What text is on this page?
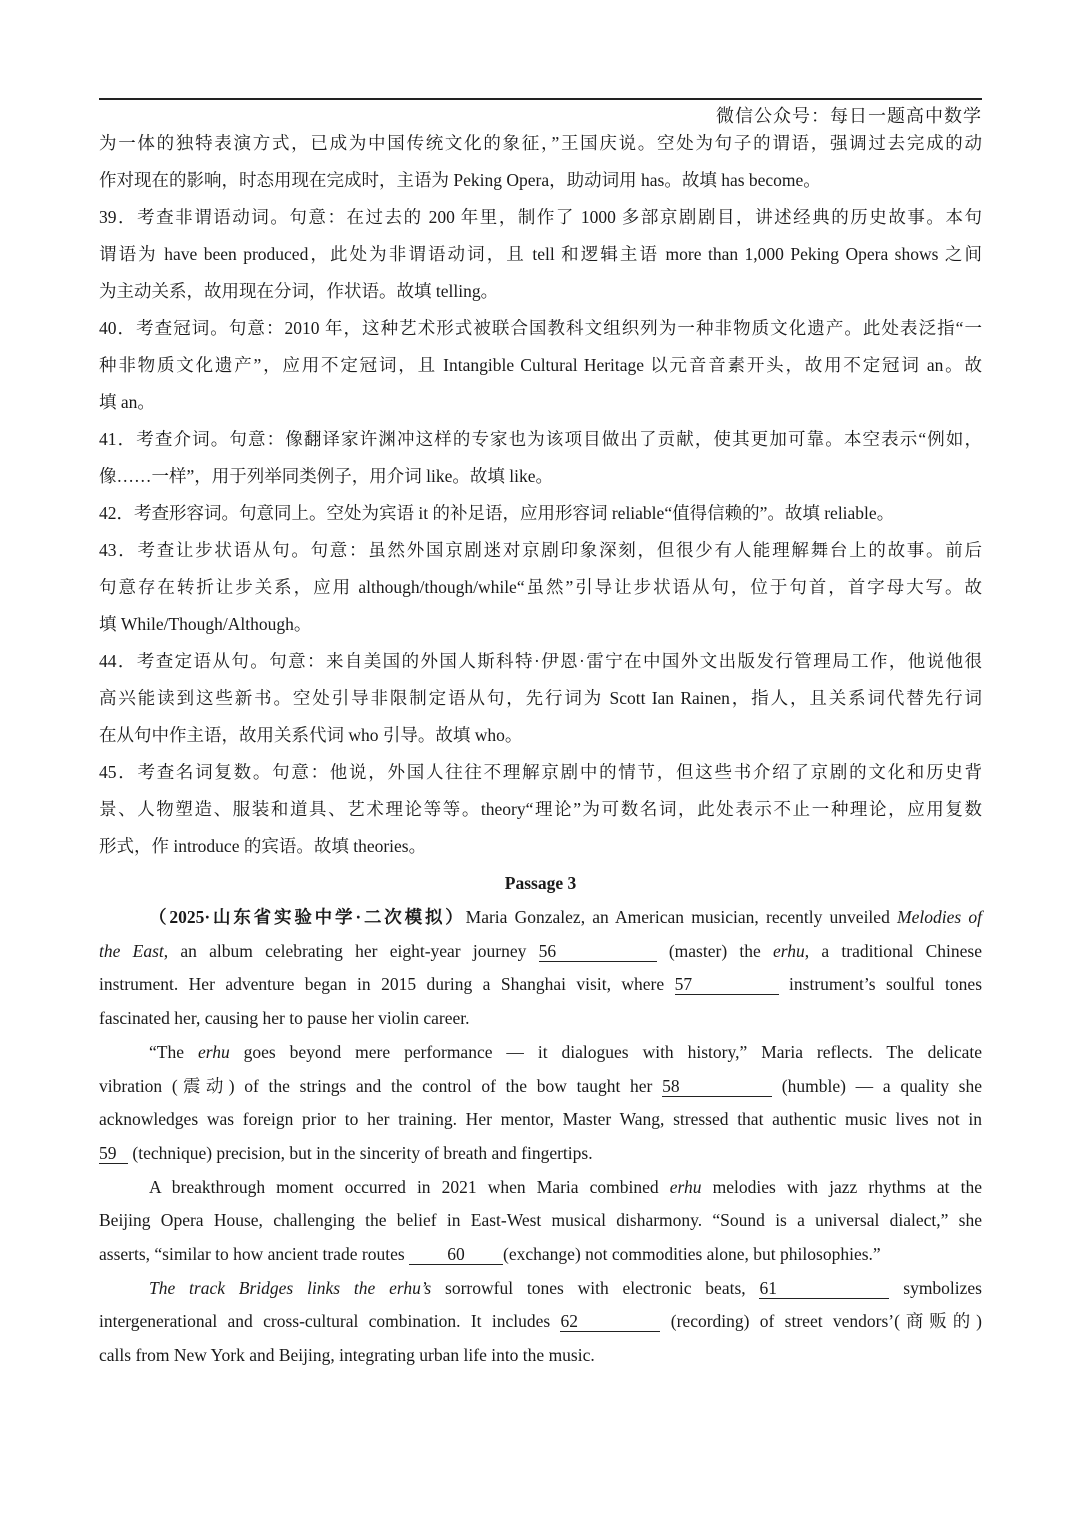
微信公众号：每日一题高中数学
为一体的独特表演方式，已成为中国传统文化的象征，”王国庆说。空处为句子的谓语，强调过去完成的动
作对现在的影响，时态用现在完成时，主语为 Peking Opera，助动词用 has。故填 has become。
39．考查非谓语动词。句意：在过去的 200 年里，制作了 1000 多部京剧剧目，讲述经典的历史故事。本句
谓语为 have been produced，此处为非谓语动词，且 tell 和逻辑主语 more than 1,000 Peking Opera shows 之间
为主动关系，故用现在分词，作状语。故填 telling。
40．考查冠词。句意：2010 年，这种艺术形式被联合国教科文组织列为一种非物质文化遗产。此处表泛指“一
种非物质文化遗产”，应用不定冠词，且 Intangible Cultural Heritage 以元音音素开头，故用不定冠词 an。故
填 an。
41．考查介词。句意：像翻译家许渊冲这样的专家也为该项目做出了贡献，使其更加可靠。本空表示“例如，
像……一样”，用于列举同类例子，用介词 like。故填 like。
42．考查形容词。句意同上。空处为宾语 it 的补足语，应用形容词 reliable“值得信赖的”。故填 reliable。
43．考查让步状语从句。句意：虽然外国京剧迷对京剧印象深刻，但很少有人能理解舞台上的故事。前后
句意存在转折让步关系，应用 although/though/while“虽然”引导让步状语从句，位于句首，首字母大写。故
填 While/Though/Although。
44．考查定语从句。句意：来自美国的外国人斯科特·伊恩·雷宁在中国外文出版发行管理局工作，他说他很
高兴能读到这些新书。空处引导非限制定语从句，先行词为 Scott Ian Rainen，指人，且关系词代替先行词
在从句中作主语，故用关系代词 who 引导。故填 who。
45．考查名词复数。句意：他说，外国人往往不理解京剧中的情节，但这些书介绍了京剧的文化和历史背
景、人物塑造、服装和道具、艺术理论等等。theory“理论”为可数名词，此处表示不止一种理论，应用复数
形式，作 introduce 的宾语。故填 theories。
Passage 3
（2025·山东省实验中学·二次模拟）Maria Gonzalez, an American musician, recently unveiled Melodies of
the East, an album celebrating her eight-year journey 56	(master) the erhu, a traditional Chinese
instrument. Her adventure began in 2015 during a Shanghai visit, where 57	instrument’s soulful tones
fascinated her, causing her to pause her violin career.
“The erhu goes beyond mere performance — it dialogues with history,” Maria reflects. The delicate
vibration (震动) of the strings and the control of the bow taught her 58	(humble) — a quality she
acknowledges was foreign prior to her training. Her mentor, Master Wang, stressed that authentic music lives not in
59 (technique) precision, but in the sincerity of breath and fingertips.
A breakthrough moment occurred in 2021 when Maria combined erhu melodies with jazz rhythms at the
Beijing Opera House, challenging the belief in East-West musical disharmony. “Sound is a universal dialect,” she
asserts, “similar to how ancient trade routes 60 (exchange) not commodities alone, but philosophies.”
The track Bridges links the erhu’s sorrowful tones with electronic beats, 61	symbolizes
intergenerational and cross-cultural combination. It includes 62	(recording) of street vendors’(商贩的)
calls from New York and Beijing, integrating urban life into the music.
